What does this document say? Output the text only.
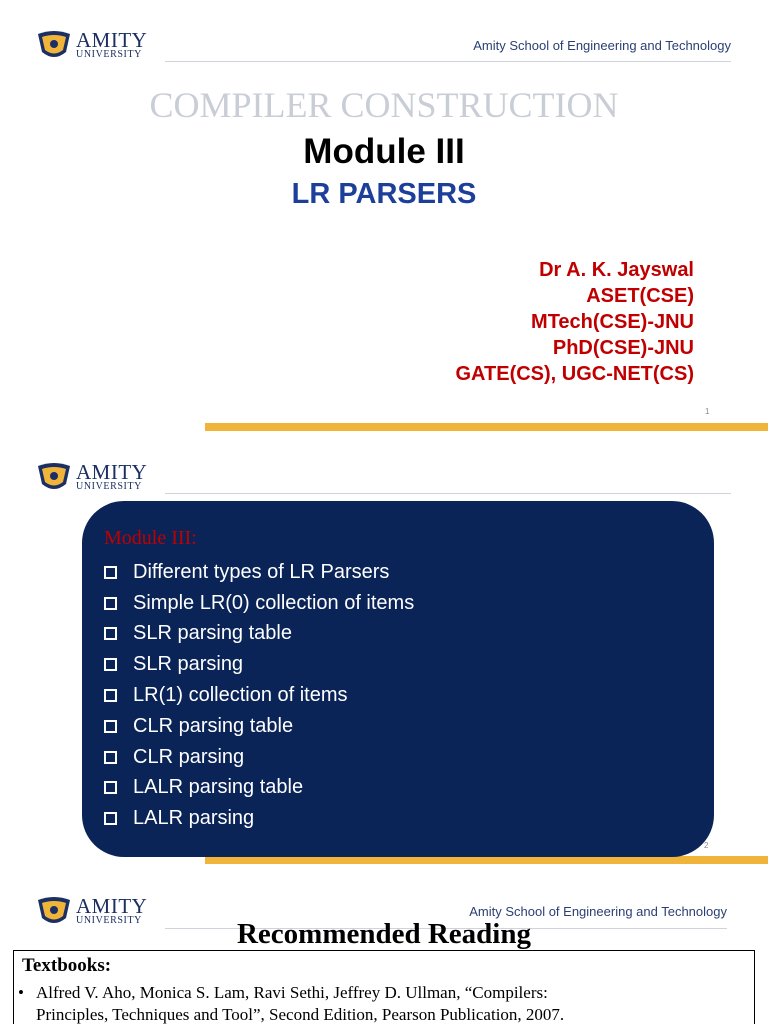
AMITY
UNIVERSITY
Amity School of Engineering and Technology
COMPILER CONSTRUCTION
Module III
LR PARSERS
Dr A. K. Jayswal
ASET(CSE)
MTech(CSE)-JNU
PhD(CSE)-JNU
GATE(CS), UGC-NET(CS)
1
AMITY
UNIVERSITY
2
Module III:
Different types of LR Parsers
Simple LR(0) collection of items
SLR parsing table
SLR parsing
LR(1) collection of items
CLR parsing table
CLR parsing
LALR parsing table
LALR parsing
AMITY
UNIVERSITY
Amity School of Engineering and Technology
Recommended Reading
Textbooks:
• Alfred V. Aho, Monica S. Lam, Ravi Sethi, Jeffrey D. Ullman, “Compilers:
Principles, Techniques and Tool”, Second Edition, Pearson Publication, 2007.
